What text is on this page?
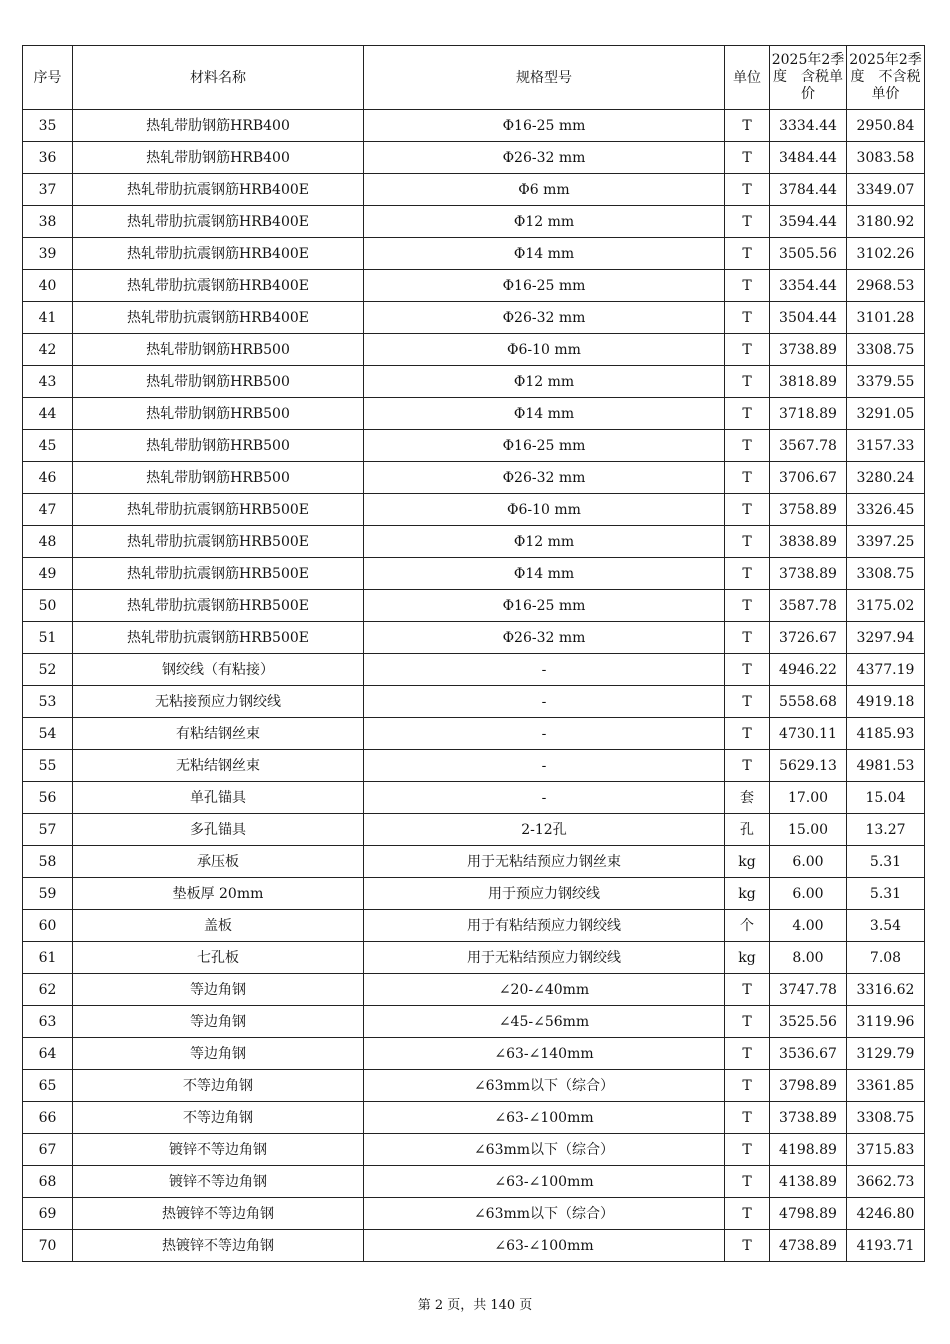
序号	材料名称	规格型号	单位	2025年2季度　含税单价	2025年2季度　不含税单价
35	热轧带肋钢筋HRB400	Φ16-25 mm	T	3334.44	2950.84
36	热轧带肋钢筋HRB400	Φ26-32 mm	T	3484.44	3083.58
37	热轧带肋抗震钢筋HRB400E	Φ6 mm	T	3784.44	3349.07
38	热轧带肋抗震钢筋HRB400E	Φ12 mm	T	3594.44	3180.92
39	热轧带肋抗震钢筋HRB400E	Φ14 mm	T	3505.56	3102.26
40	热轧带肋抗震钢筋HRB400E	Φ16-25 mm	T	3354.44	2968.53
41	热轧带肋抗震钢筋HRB400E	Φ26-32 mm	T	3504.44	3101.28
42	热轧带肋钢筋HRB500	Φ6-10 mm	T	3738.89	3308.75
43	热轧带肋钢筋HRB500	Φ12 mm	T	3818.89	3379.55
44	热轧带肋钢筋HRB500	Φ14 mm	T	3718.89	3291.05
45	热轧带肋钢筋HRB500	Φ16-25 mm	T	3567.78	3157.33
46	热轧带肋钢筋HRB500	Φ26-32 mm	T	3706.67	3280.24
47	热轧带肋抗震钢筋HRB500E	Φ6-10 mm	T	3758.89	3326.45
48	热轧带肋抗震钢筋HRB500E	Φ12 mm	T	3838.89	3397.25
49	热轧带肋抗震钢筋HRB500E	Φ14 mm	T	3738.89	3308.75
50	热轧带肋抗震钢筋HRB500E	Φ16-25 mm	T	3587.78	3175.02
51	热轧带肋抗震钢筋HRB500E	Φ26-32 mm	T	3726.67	3297.94
52	钢绞线（有粘接）	-	T	4946.22	4377.19
53	无粘接预应力钢绞线	-	T	5558.68	4919.18
54	有粘结钢丝束	-	T	4730.11	4185.93
55	无粘结钢丝束	-	T	5629.13	4981.53
56	单孔锚具	-	套	17.00	15.04
57	多孔锚具	2-12孔	孔	15.00	13.27
58	承压板	用于无粘结预应力钢丝束	kg	6.00	5.31
59	垫板厚 20mm	用于预应力钢绞线	kg	6.00	5.31
60	盖板	用于有粘结预应力钢绞线	个	4.00	3.54
61	七孔板	用于无粘结预应力钢绞线	kg	8.00	7.08
62	等边角钢	∠20-∠40mm	T	3747.78	3316.62
63	等边角钢	∠45-∠56mm	T	3525.56	3119.96
64	等边角钢	∠63-∠140mm	T	3536.67	3129.79
65	不等边角钢	∠63mm以下（综合）	T	3798.89	3361.85
66	不等边角钢	∠63-∠100mm	T	3738.89	3308.75
67	镀锌不等边角钢	∠63mm以下（综合）	T	4198.89	3715.83
68	镀锌不等边角钢	∠63-∠100mm	T	4138.89	3662.73
69	热镀锌不等边角钢	∠63mm以下（综合）	T	4798.89	4246.80
70	热镀锌不等边角钢	∠63-∠100mm	T	4738.89	4193.71
第 2 页，共 140 页
